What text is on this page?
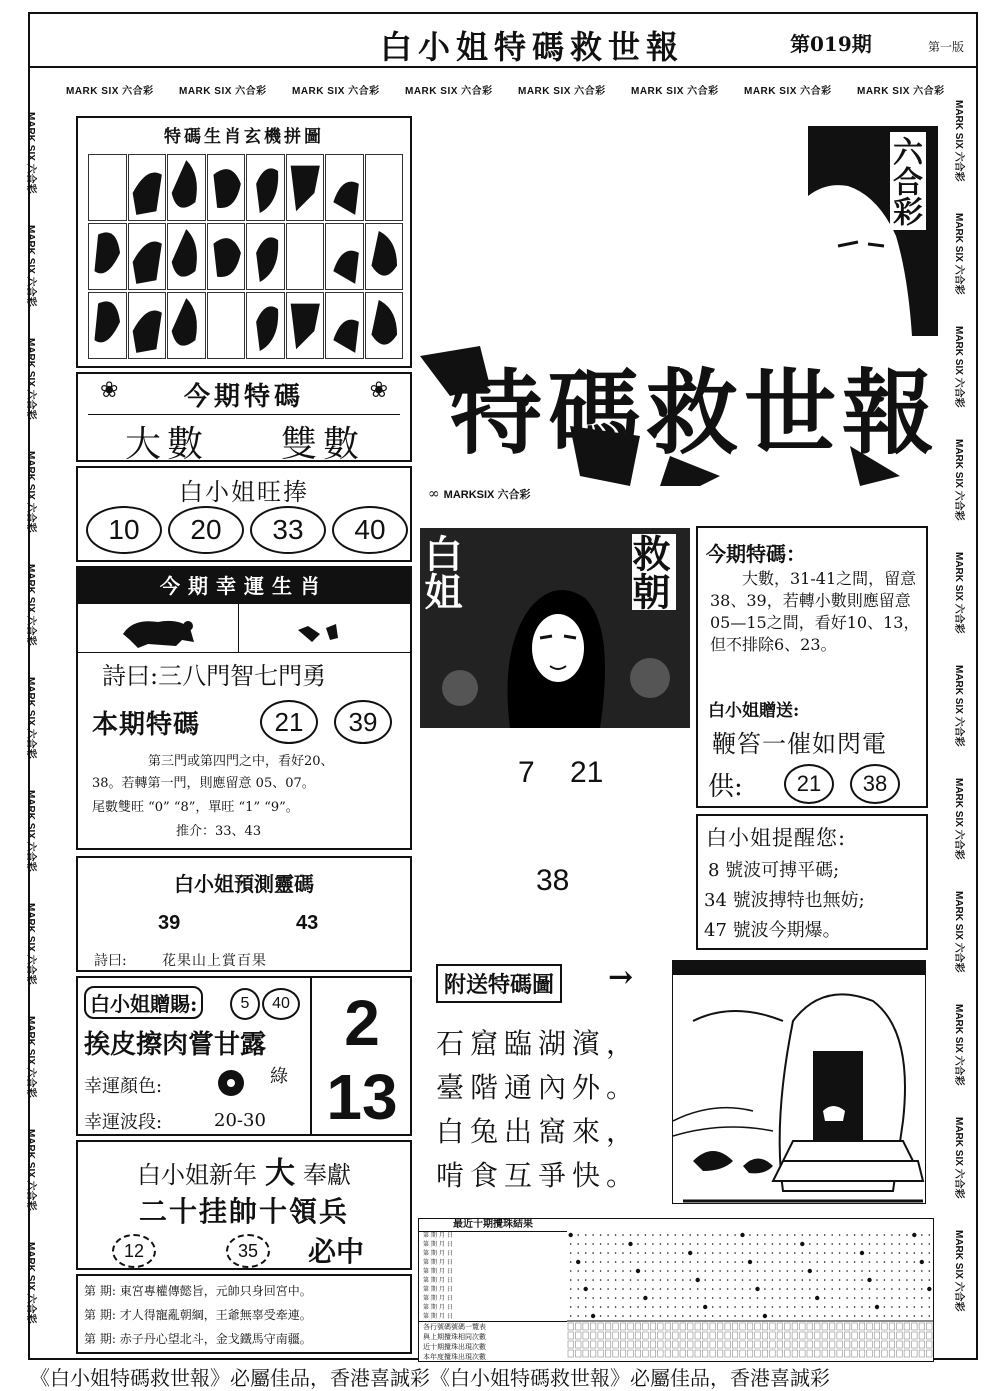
白小姐特碼救世報	第019期	第一版
MARK SIX 六合彩	MARK SIX 六合彩	MARK SIX 六合彩	MARK SIX 六合彩	MARK SIX 六合彩	MARK SIX 六合彩	MARK SIX 六合彩	MARK SIX 六合彩
MARK SIX 六合彩
MARK SIX 六合彩
MARK SIX 六合彩
MARK SIX 六合彩
MARK SIX 六合彩
MARK SIX 六合彩
MARK SIX 六合彩
MARK SIX 六合彩
MARK SIX 六合彩
MARK SIX 六合彩
MARK SIX 六合彩
MARK SIX 六合彩
MARK SIX 六合彩
MARK SIX 六合彩
MARK SIX 六合彩
MARK SIX 六合彩
MARK SIX 六合彩
MARK SIX 六合彩
MARK SIX 六合彩
MARK SIX 六合彩
MARK SIX 六合彩
MARK SIX 六合彩
特碼生肖玄機拼圖
❀	❀
今期特碼
大數	雙數
白小姐旺捧
10	20	33	40
今期幸運生肖
詩曰:三八門智七門勇
本期特碼	21	39
第三門或第四門之中，看好20、
38。若轉第一門，則應留意 05、07。
尾數雙旺 “0” “8”，單旺 “1” “9”。
推介：33、43
白小姐預測靈碼
39	43
詩曰:	花果山上賞百果
白小姐贈賜:	5	40
挨皮擦肉嘗甘露
幸運顏色:	綠
幸運波段:	20-30
2
13
白小姐新年 大 奉獻
二十挂帥十領兵
12	35	必中
第 期: 東宮專權傳懿旨，元帥只身回宮中。
第 期: 才人得寵亂朝綱，王爺無辜受牽連。
第 期: 赤子丹心望北斗，金戈鐵馬守南疆。
六合彩
特碼救世報
∞ MARKSIX 六合彩
白姐	救朝
7 21
38
今期特碼：
大數，31-41之間，留意38、39，若轉小數則應留意05—15之間，看好10、13，但不排除6、23。
白小姐贈送:
鞭笞一催如閃電
供:	21	38
白小姐提醒您:
8 號波可搏平碼;
34 號波搏特也無妨;
47 號波今期爆。
附送特碼圖 →
石窟臨湖濱，
臺階通內外。
白兔出窩來，
啃食互爭快。
最近十期攪珠結果
第 期 月 日
第 期 月 日
第 期 月 日
第 期 月 日
第 期 月 日
第 期 月 日
第 期 月 日
第 期 月 日
第 期 月 日
第 期 月 日
各行號碼號碼一覽表
與上期攪珠相同次數
近十期攪珠出現次數
本年度攪珠出現次數
《白小姐特碼救世報》必屬佳品，香港喜誠彩《白小姐特碼救世報》必屬佳品，香港喜誠彩
